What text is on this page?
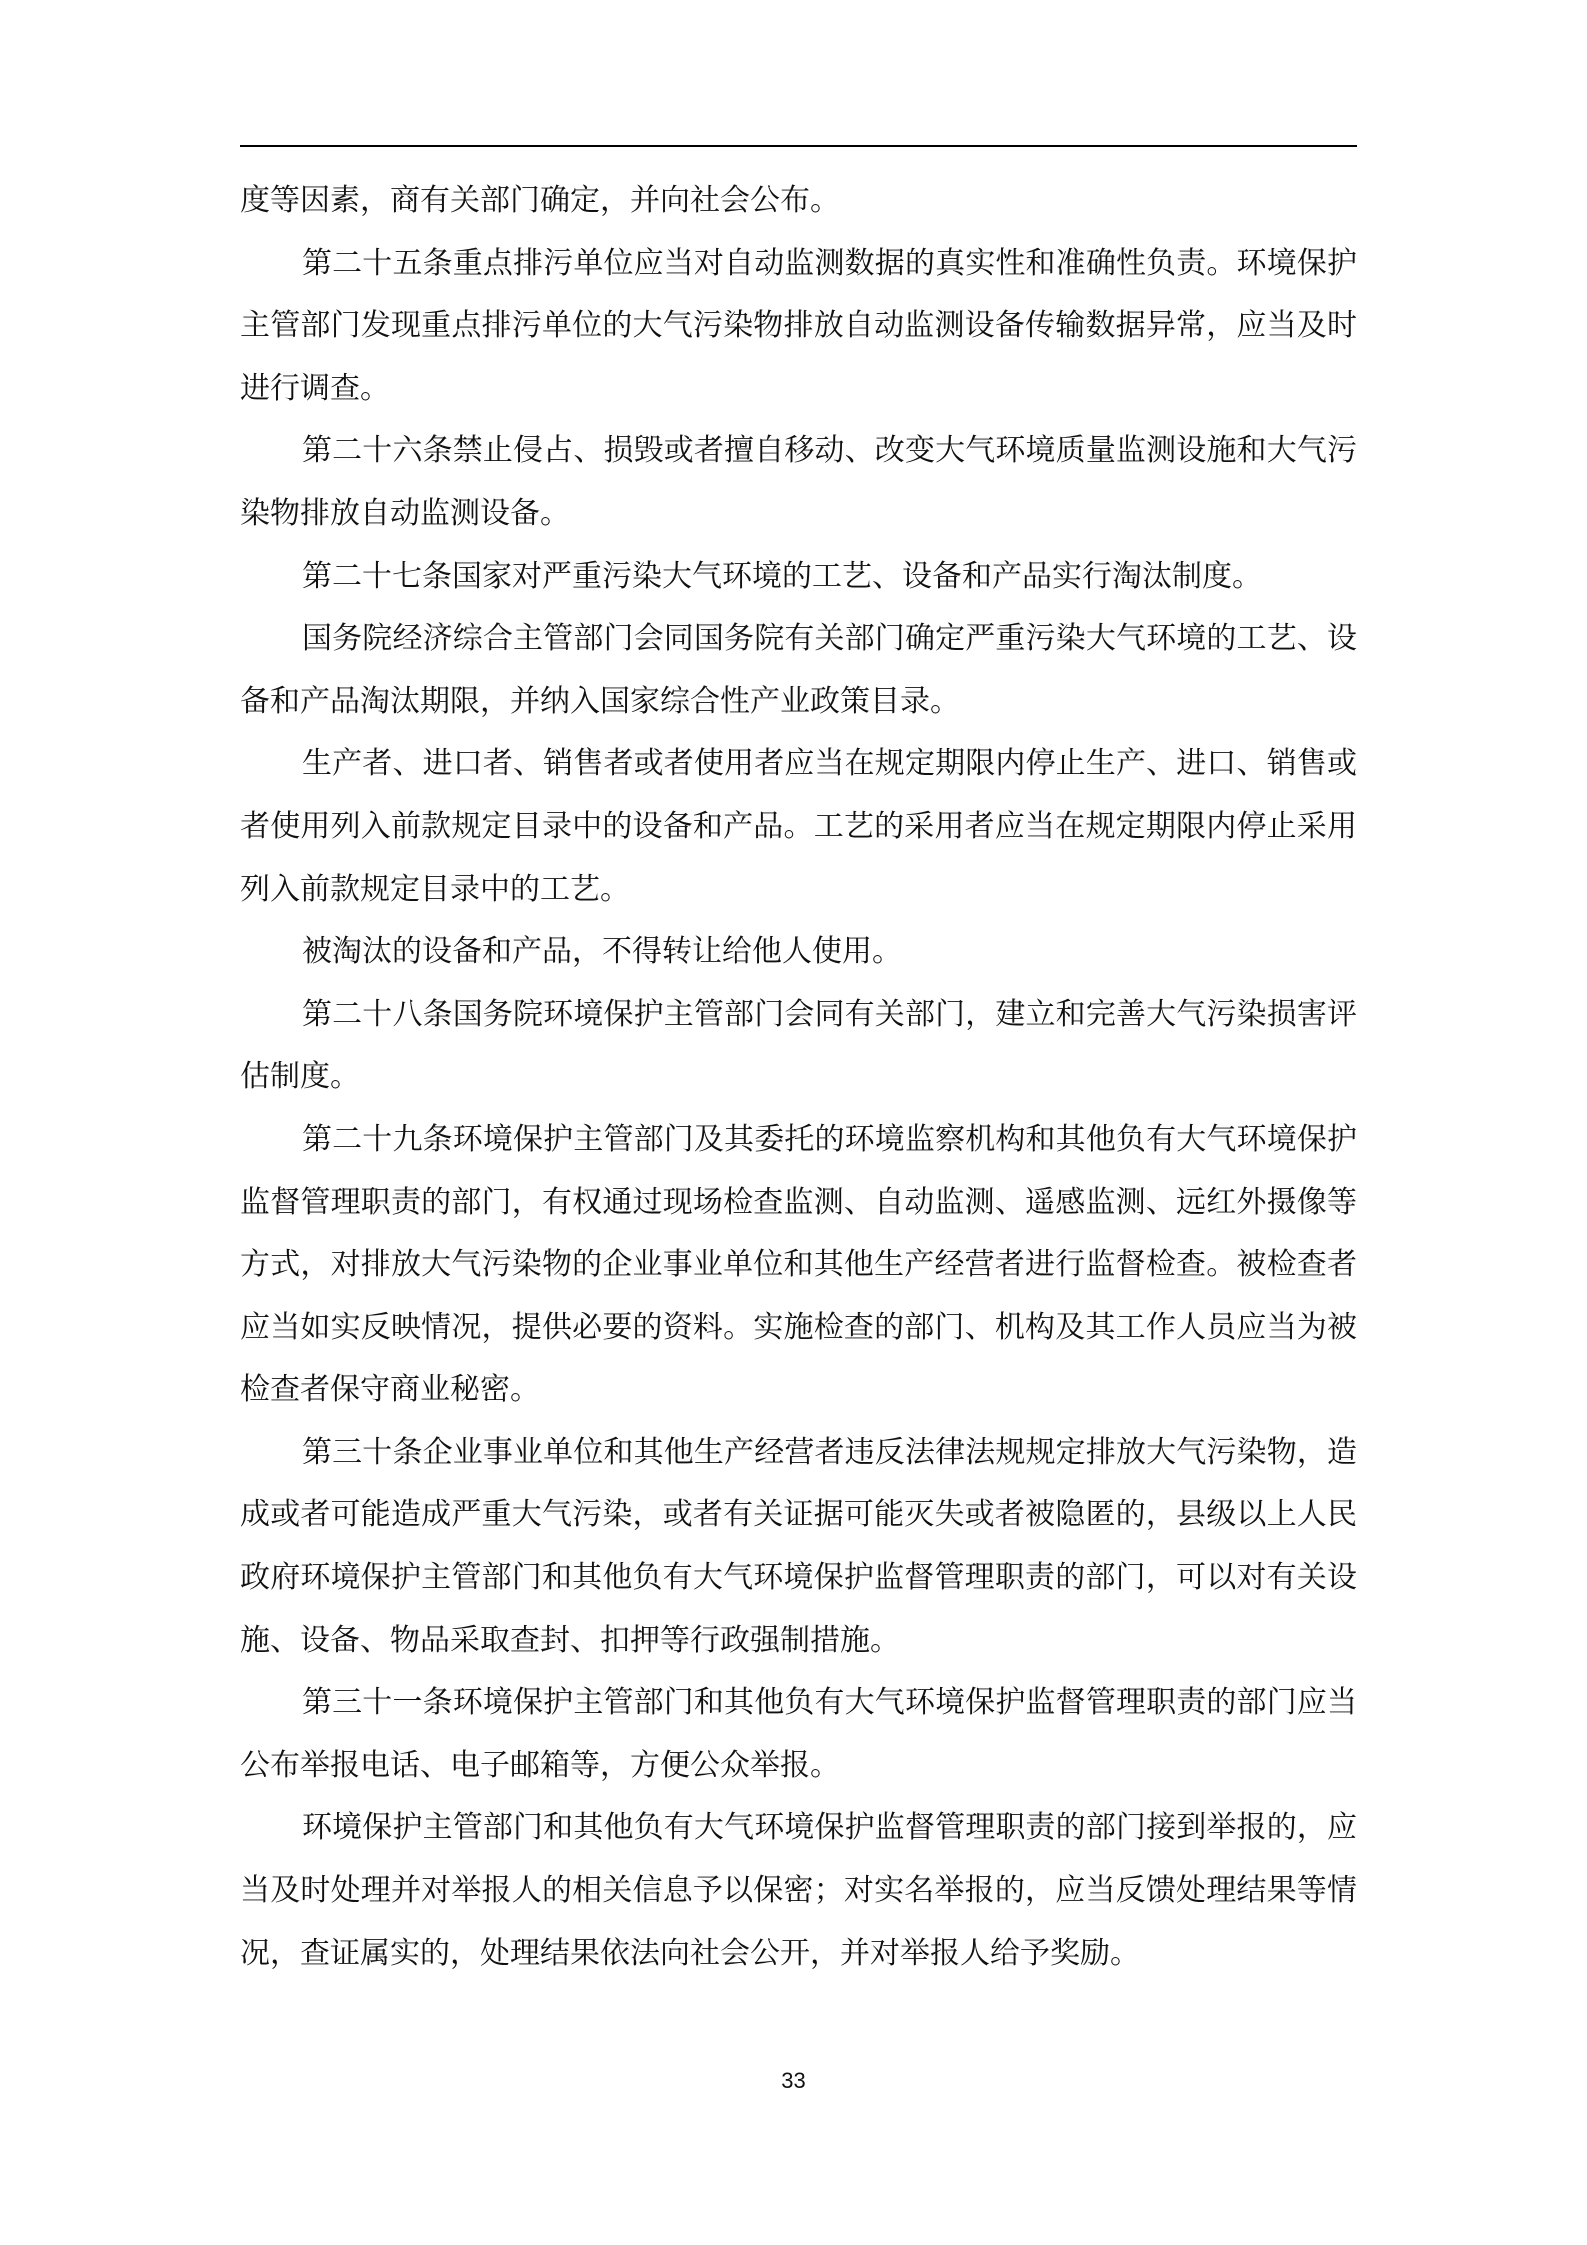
度等因素，商有关部门确定，并向社会公布。

第二十五条重点排污单位应当对自动监测数据的真实性和准确性负责。环境保护主管部门发现重点排污单位的大气污染物排放自动监测设备传输数据异常，应当及时进行调查。

第二十六条禁止侵占、损毁或者擅自移动、改变大气环境质量监测设施和大气污染物排放自动监测设备。

第二十七条国家对严重污染大气环境的工艺、设备和产品实行淘汰制度。

国务院经济综合主管部门会同国务院有关部门确定严重污染大气环境的工艺、设备和产品淘汰期限，并纳入国家综合性产业政策目录。

生产者、进口者、销售者或者使用者应当在规定期限内停止生产、进口、销售或者使用列入前款规定目录中的设备和产品。工艺的采用者应当在规定期限内停止采用列入前款规定目录中的工艺。

被淘汰的设备和产品，不得转让给他人使用。

第二十八条国务院环境保护主管部门会同有关部门，建立和完善大气污染损害评估制度。

第二十九条环境保护主管部门及其委托的环境监察机构和其他负有大气环境保护监督管理职责的部门，有权通过现场检查监测、自动监测、遥感监测、远红外摄像等方式，对排放大气污染物的企业事业单位和其他生产经营者进行监督检查。被检查者应当如实反映情况，提供必要的资料。实施检查的部门、机构及其工作人员应当为被检查者保守商业秘密。

第三十条企业事业单位和其他生产经营者违反法律法规规定排放大气污染物，造成或者可能造成严重大气污染，或者有关证据可能灭失或者被隐匿的，县级以上人民政府环境保护主管部门和其他负有大气环境保护监督管理职责的部门，可以对有关设施、设备、物品采取查封、扣押等行政强制措施。

第三十一条环境保护主管部门和其他负有大气环境保护监督管理职责的部门应当公布举报电话、电子邮箱等，方便公众举报。

环境保护主管部门和其他负有大气环境保护监督管理职责的部门接到举报的，应当及时处理并对举报人的相关信息予以保密；对实名举报的，应当反馈处理结果等情况，查证属实的，处理结果依法向社会公开，并对举报人给予奖励。

33
